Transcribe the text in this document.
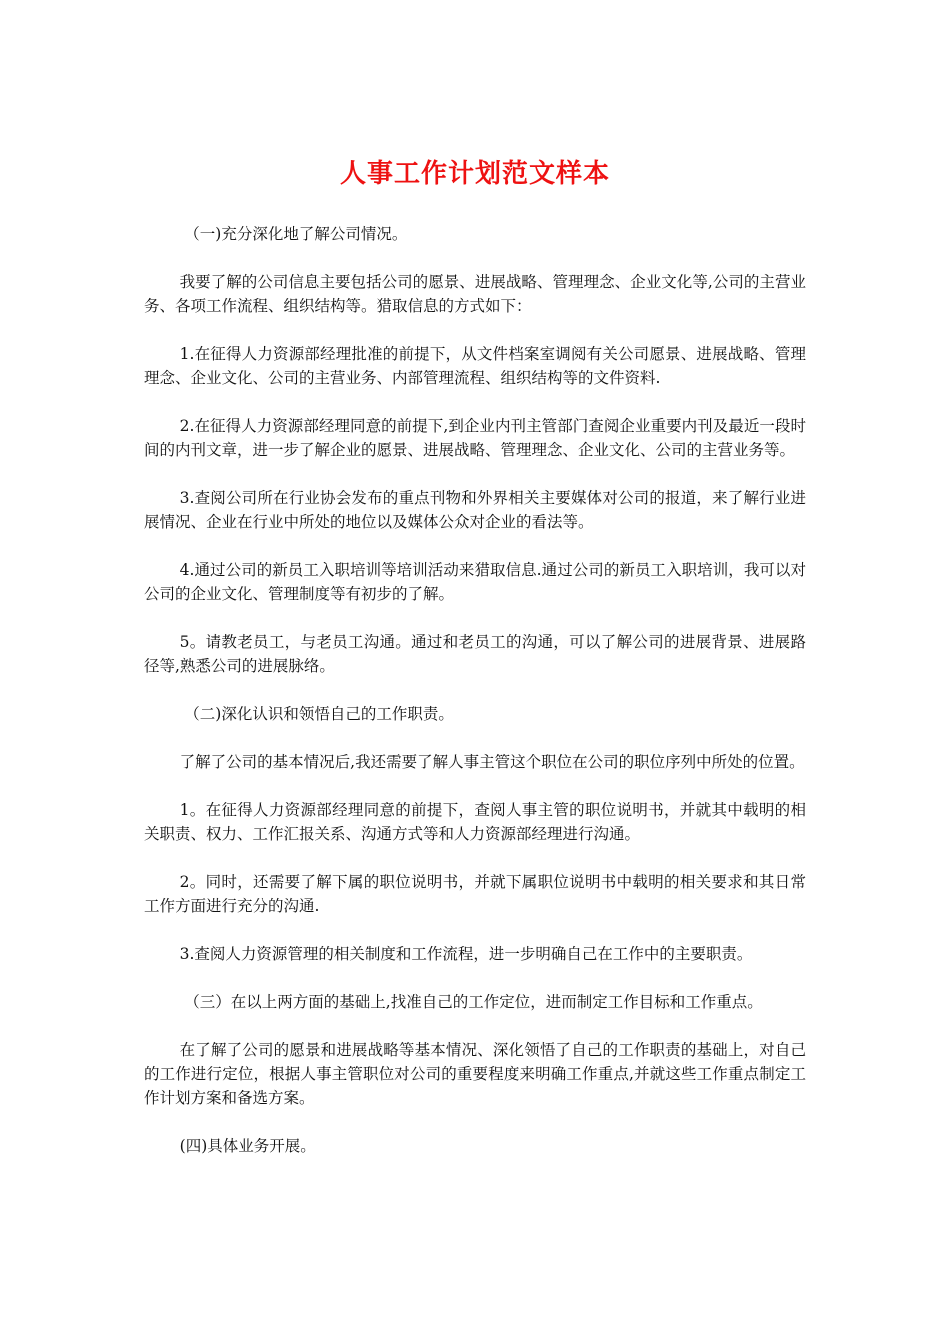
人事工作计划范文样本

（一)充分深化地了解公司情况。

我要了解的公司信息主要包括公司的愿景、进展战略、管理理念、企业文化等,公司的主营业务、各项工作流程、组织结构等。猎取信息的方式如下：

1.在征得人力资源部经理批准的前提下，从文件档案室调阅有关公司愿景、进展战略、管理理念、企业文化、公司的主营业务、内部管理流程、组织结构等的文件资料.

2.在征得人力资源部经理同意的前提下,到企业内刊主管部门查阅企业重要内刊及最近一段时间的内刊文章，进一步了解企业的愿景、进展战略、管理理念、企业文化、公司的主营业务等。

3.查阅公司所在行业协会发布的重点刊物和外界相关主要媒体对公司的报道，来了解行业进展情况、企业在行业中所处的地位以及媒体公众对企业的看法等。

4.通过公司的新员工入职培训等培训活动来猎取信息.通过公司的新员工入职培训，我可以对公司的企业文化、管理制度等有初步的了解。

5。请教老员工，与老员工沟通。通过和老员工的沟通，可以了解公司的进展背景、进展路径等,熟悉公司的进展脉络。

（二)深化认识和领悟自己的工作职责。

了解了公司的基本情况后,我还需要了解人事主管这个职位在公司的职位序列中所处的位置。

1。在征得人力资源部经理同意的前提下，查阅人事主管的职位说明书，并就其中载明的相关职责、权力、工作汇报关系、沟通方式等和人力资源部经理进行沟通。

2。同时，还需要了解下属的职位说明书，并就下属职位说明书中载明的相关要求和其日常工作方面进行充分的沟通.

3.查阅人力资源管理的相关制度和工作流程，进一步明确自己在工作中的主要职责。

（三）在以上两方面的基础上,找准自己的工作定位，进而制定工作目标和工作重点。

在了解了公司的愿景和进展战略等基本情况、深化领悟了自己的工作职责的基础上，对自己的工作进行定位，根据人事主管职位对公司的重要程度来明确工作重点,并就这些工作重点制定工作计划方案和备选方案。

(四)具体业务开展。
